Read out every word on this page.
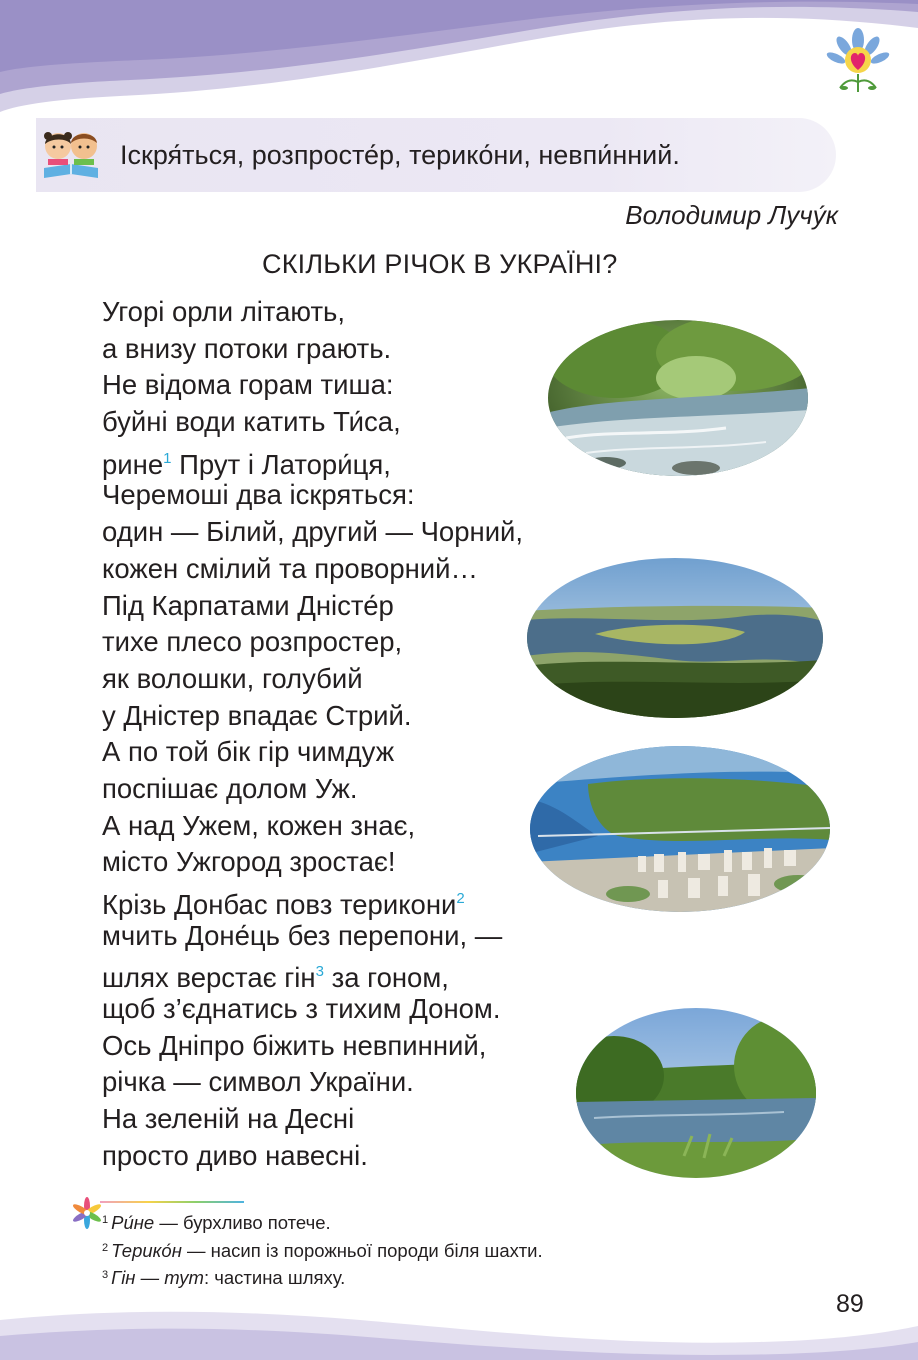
Іскря́ться, розпросте́р, терико́ни, невпи́нний.
Володимир Лучу́к
СКІЛЬКИ РІЧОК В УКРАЇНІ?
Угорі орли літають,
а внизу потоки грають.
Не відома горам тиша:
буйні води катить Ти́са,
рине$^1$ Прут і Латори́ця,
Черемоші два іскряться:
один — Білий, другий — Чорний,
кожен смілий та проворний…
Під Карпатами Дністе́р
тихе плесо розпростер,
як волошки, голубий
у Дністер впадає Стрий.
А по той бік гір чимдуж
поспішає долом Уж.
А над Ужем, кожен знає,
місто Ужгород зростає!
Крізь Донбас повз терикони$^2$
мчить Доне́ць без перепони, —
шлях верстає гін$^3$ за гоном,
щоб з’єднатись з тихим Доном.
Ось Дніпро біжить невпинний,
річка — символ України.
На зеленій на Десні
просто диво навесні.
$^1$ Ри́не — бурхливо потече.
$^2$ Терико́н — насип із порожньої породи біля шахти.
$^3$ Гін — тут: частина шляху.
89
